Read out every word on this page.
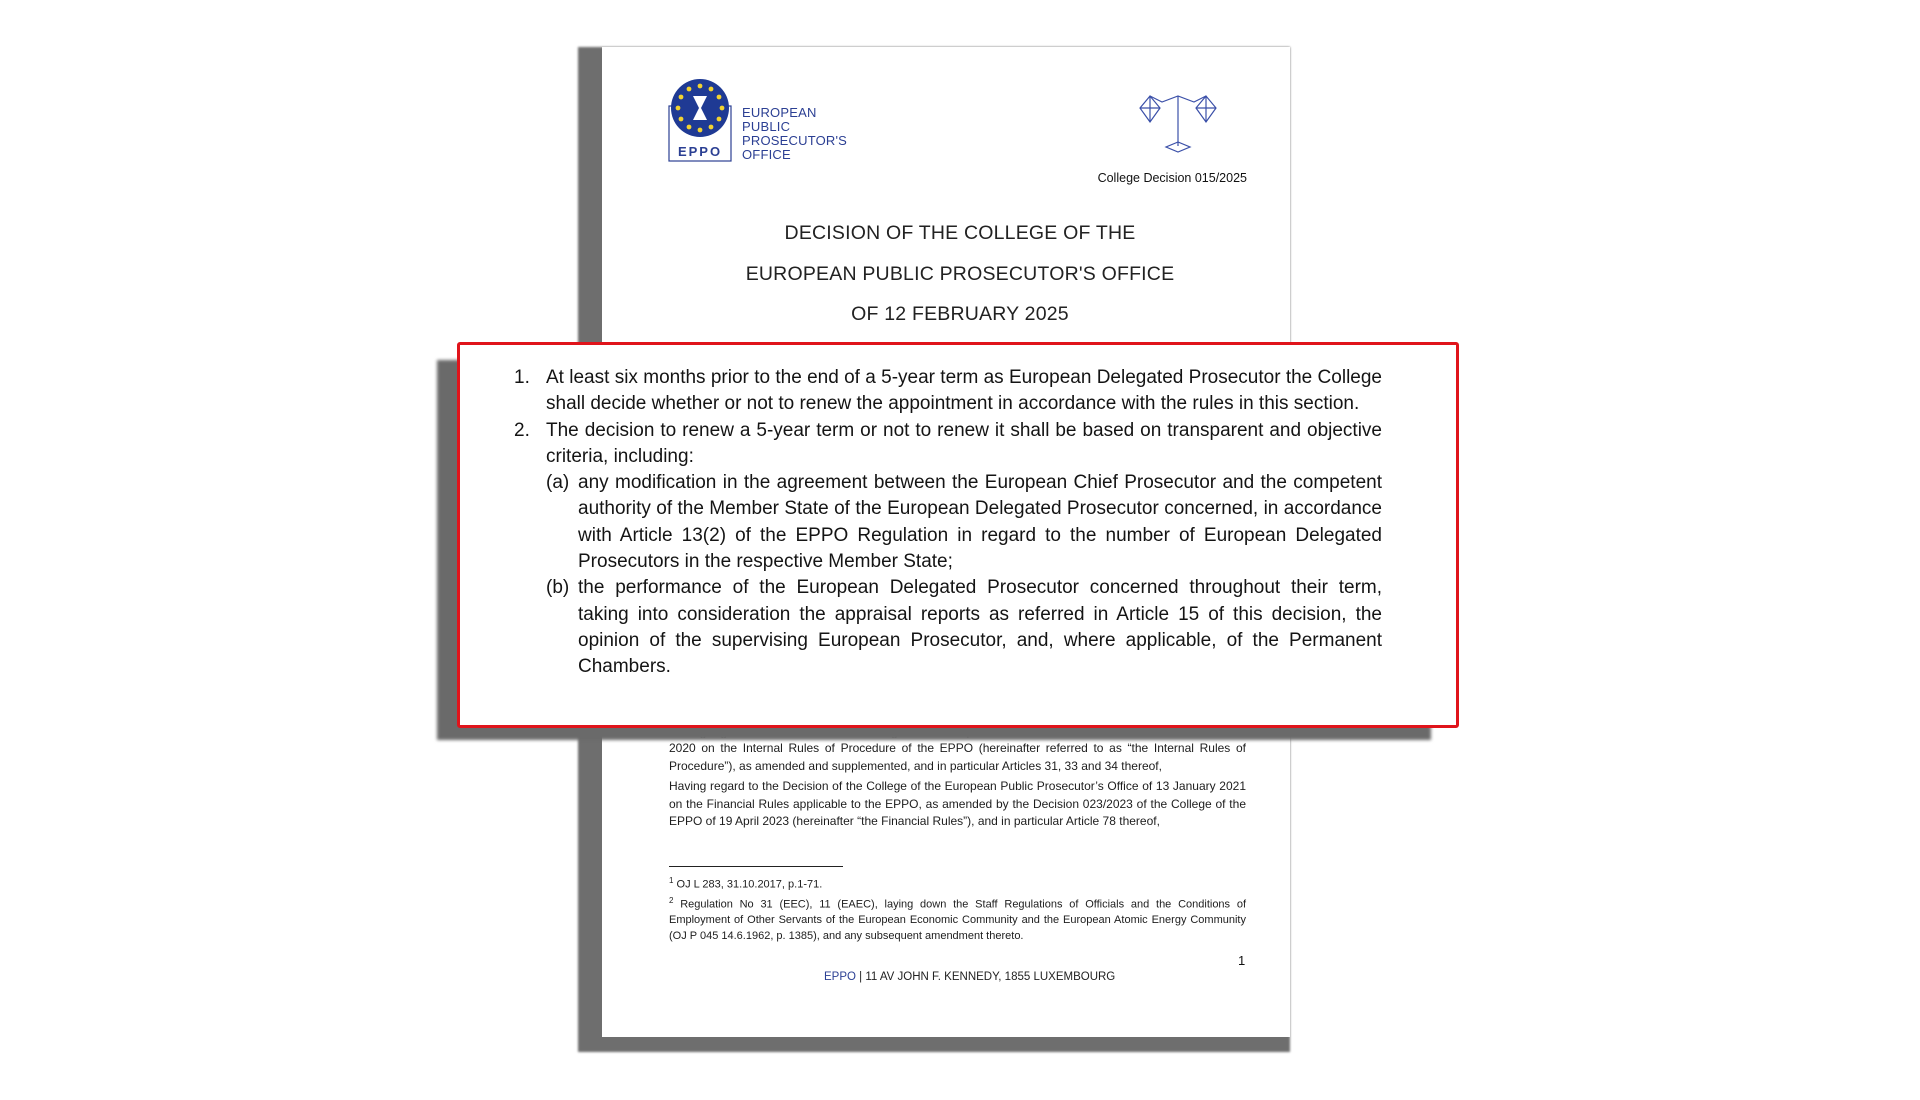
EPPO
EUROPEAN
PUBLIC
PROSECUTOR'S
OFFICE
College Decision 015/2025
DECISION OF THE COLLEGE OF THE
EUROPEAN PUBLIC PROSECUTOR'S OFFICE
OF 12 FEBRUARY 2025
2020 on the Internal Rules of Procedure of the EPPO (hereinafter referred to as “the Internal Rules of Procedure”), as amended and supplemented, and in particular Articles 31, 33 and 34 thereof,
Having regard to the Decision of the College of the European Public Prosecutor’s Office of 13 January 2021 on the Financial Rules applicable to the EPPO, as amended by the Decision 023/2023 of the College of the EPPO of 19 April 2023 (hereinafter “the Financial Rules”), and in particular Article 78 thereof,
$^1$ OJ L 283, 31.10.2017, p.1-71.
$^2$ Regulation No 31 (EEC), 11 (EAEC), laying down the Staff Regulations of Officials and the Conditions of Employment of Other Servants of the European Economic Community and the European Atomic Energy Community (OJ P 045 14.6.1962, p. 1385), and any subsequent amendment thereto.
1
EPPO | 11 AV JOHN F. KENNEDY, 1855 LUXEMBOURG
1. At least six months prior to the end of a 5-year term as European Delegated Prosecutor the College shall decide whether or not to renew the appointment in accordance with the rules in this section.
2. The decision to renew a 5-year term or not to renew it shall be based on transparent and objective criteria, including:
(a) any modification in the agreement between the European Chief Prosecutor and the competent authority of the Member State of the European Delegated Prosecutor concerned, in accordance with Article 13(2) of the EPPO Regulation in regard to the number of European Delegated Prosecutors in the respective Member State;
(b) the performance of the European Delegated Prosecutor concerned throughout their term, taking into consideration the appraisal reports as referred in Article 15 of this decision, the opinion of the supervising European Prosecutor, and, where applicable, of the Permanent Chambers.
